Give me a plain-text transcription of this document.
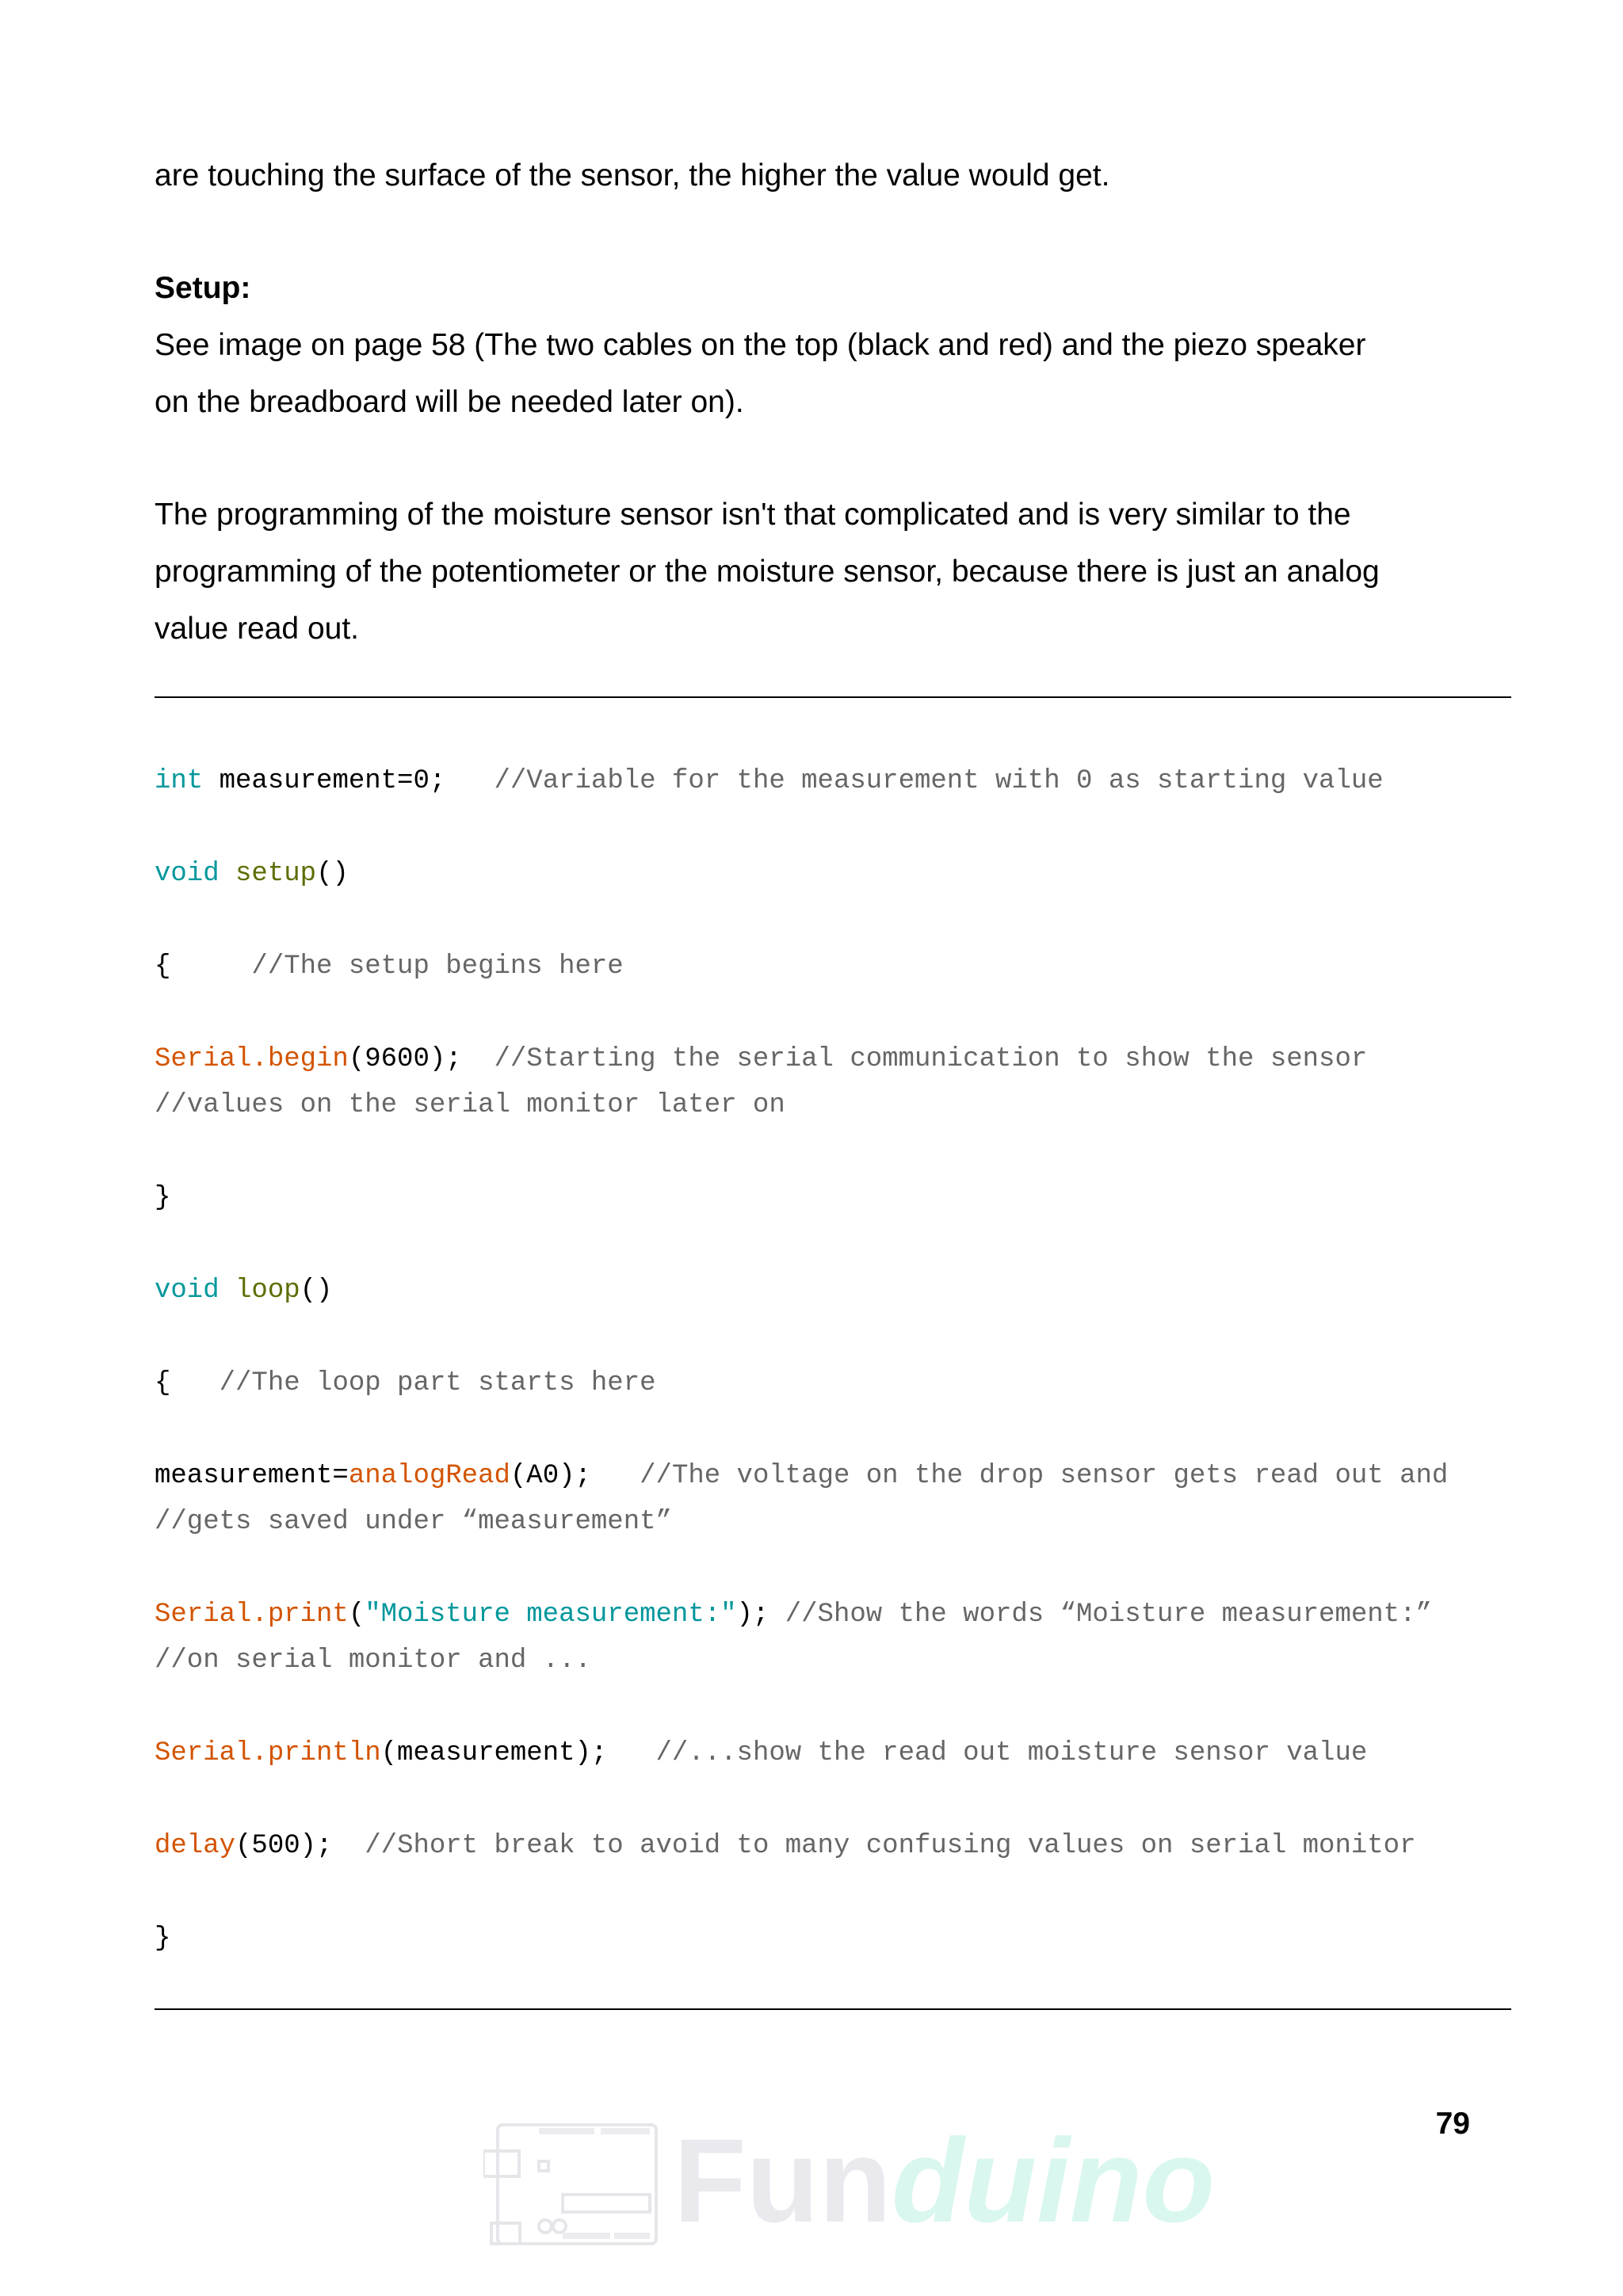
are touching the surface of the sensor, the higher the value would get.

Setup:

See image on page 58 (The two cables on the top (black and red) and the piezo speaker

on the breadboard will be needed later on).

The programming of the moisture sensor isn't that complicated and is very similar to the

programming of the potentiometer or the moisture sensor, because there is just an analog

value read out.

int measurement=0;   //Variable for the measurement with 0 as starting value

void setup()

{     //The setup begins here

Serial.begin(9600);  //Starting the serial communication to show the sensor

//values on the serial monitor later on

}

void loop()

{   //The loop part starts here

measurement=analogRead(A0);   //The voltage on the drop sensor gets read out and

//gets saved under “measurement”

Serial.print("Moisture measurement:"); //Show the words “Moisture measurement:”

//on serial monitor and ...

Serial.println(measurement);   //...show the read out moisture sensor value

delay(500);  //Short break to avoid to many confusing values on serial monitor

}

79
Funduino
